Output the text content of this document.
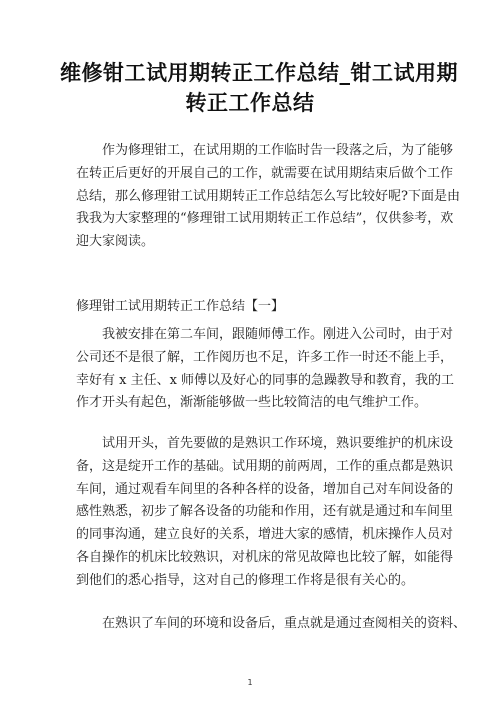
维修钳工试用期转正工作总结_钳工试用期
转正工作总结
作为修理钳工，在试用期的工作临时告一段落之后，为了能够
在转正后更好的开展自己的工作，就需要在试用期结束后做个工作
总结，那么修理钳工试用期转正工作总结怎么写比较好呢?下面是由
我我为大家整理的“修理钳工试用期转正工作总结”，仅供参考，欢
迎大家阅读。
修理钳工试用期转正工作总结【一】
我被安排在第二车间，跟随师傅工作。刚进入公司时，由于对
公司还不是很了解，工作阅历也不足，许多工作一时还不能上手，
幸好有 x 主任、x 师傅以及好心的同事的急躁教导和教育，我的工
作才开头有起色，渐渐能够做一些比较简洁的电气维护工作。
试用开头，首先要做的是熟识工作环境，熟识要维护的机床设
备，这是绽开工作的基础。试用期的前两周，工作的重点都是熟识
车间，通过观看车间里的各种各样的设备，增加自己对车间设备的
感性熟悉，初步了解各设备的功能和作用，还有就是通过和车间里
的同事沟通，建立良好的关系，增进大家的感情，机床操作人员对
各自操作的机床比较熟识，对机床的常见故障也比较了解，如能得
到他们的悉心指导，这对自己的修理工作将是很有关心的。
在熟识了车间的环境和设备后，重点就是通过查阅相关的资料、
1
